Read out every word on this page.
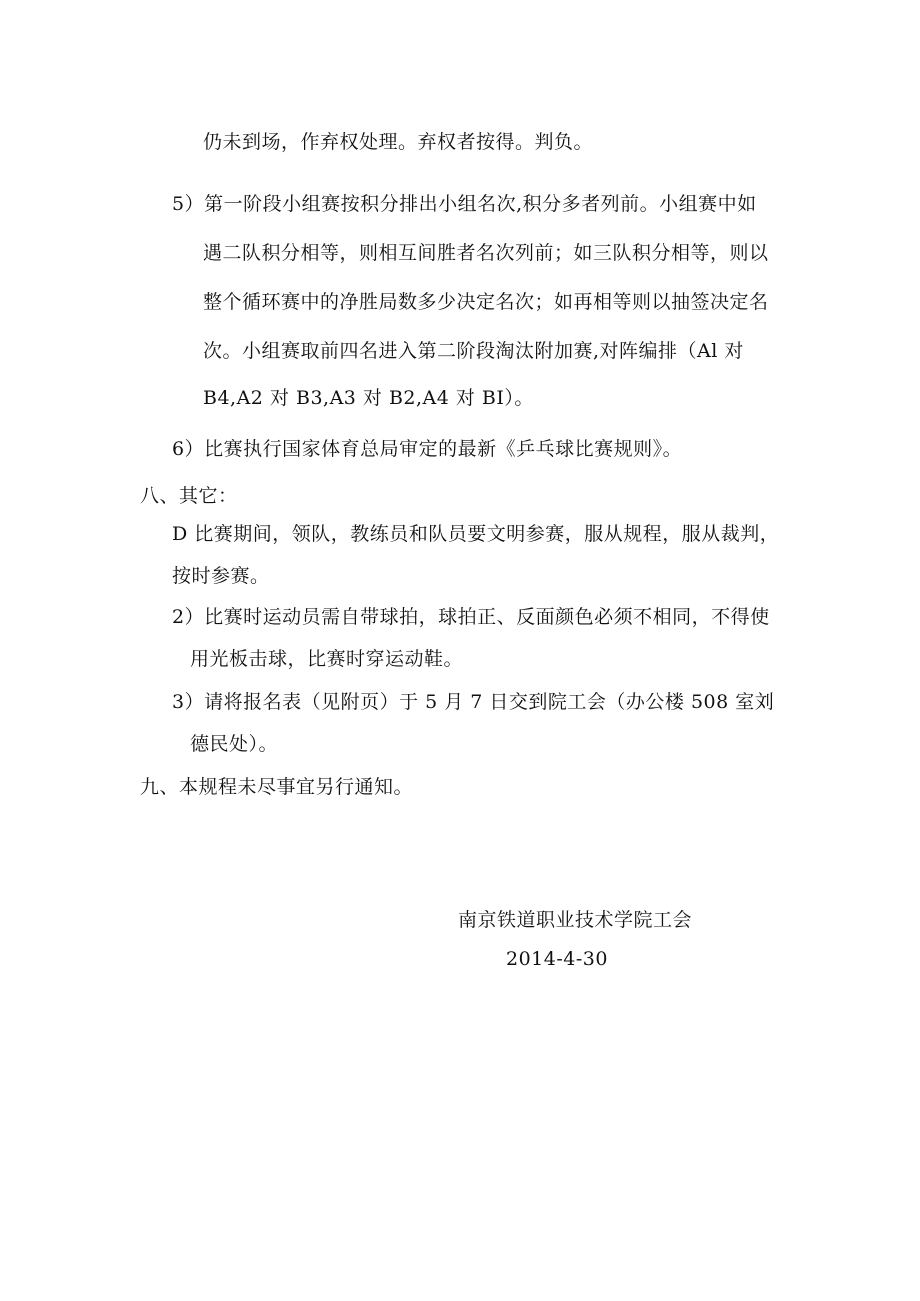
仍未到场，作弃权处理。弃权者按得。判负。
5）第一阶段小组赛按积分排出小组名次,积分多者列前。小组赛中如
遇二队积分相等，则相互间胜者名次列前；如三队积分相等，则以
整个循环赛中的净胜局数多少决定名次；如再相等则以抽签决定名
次。小组赛取前四名进入第二阶段淘汰附加赛,对阵编排（Al 对
B4,A2 对 B3,A3 对 B2,A4 对 BI）。
6）比赛执行国家体育总局审定的最新《乒乓球比赛规则》。
八、其它：
D 比赛期间，领队，教练员和队员要文明参赛，服从规程，服从裁判，
按时参赛。
2）比赛时运动员需自带球拍，球拍正、反面颜色必须不相同，不得使
用光板击球，比赛时穿运动鞋。
3）请将报名表（见附页）于 5 月 7 日交到院工会（办公楼 508 室刘
德民处）。
九、本规程未尽事宜另行通知。
南京铁道职业技术学院工会
2014-4-30
